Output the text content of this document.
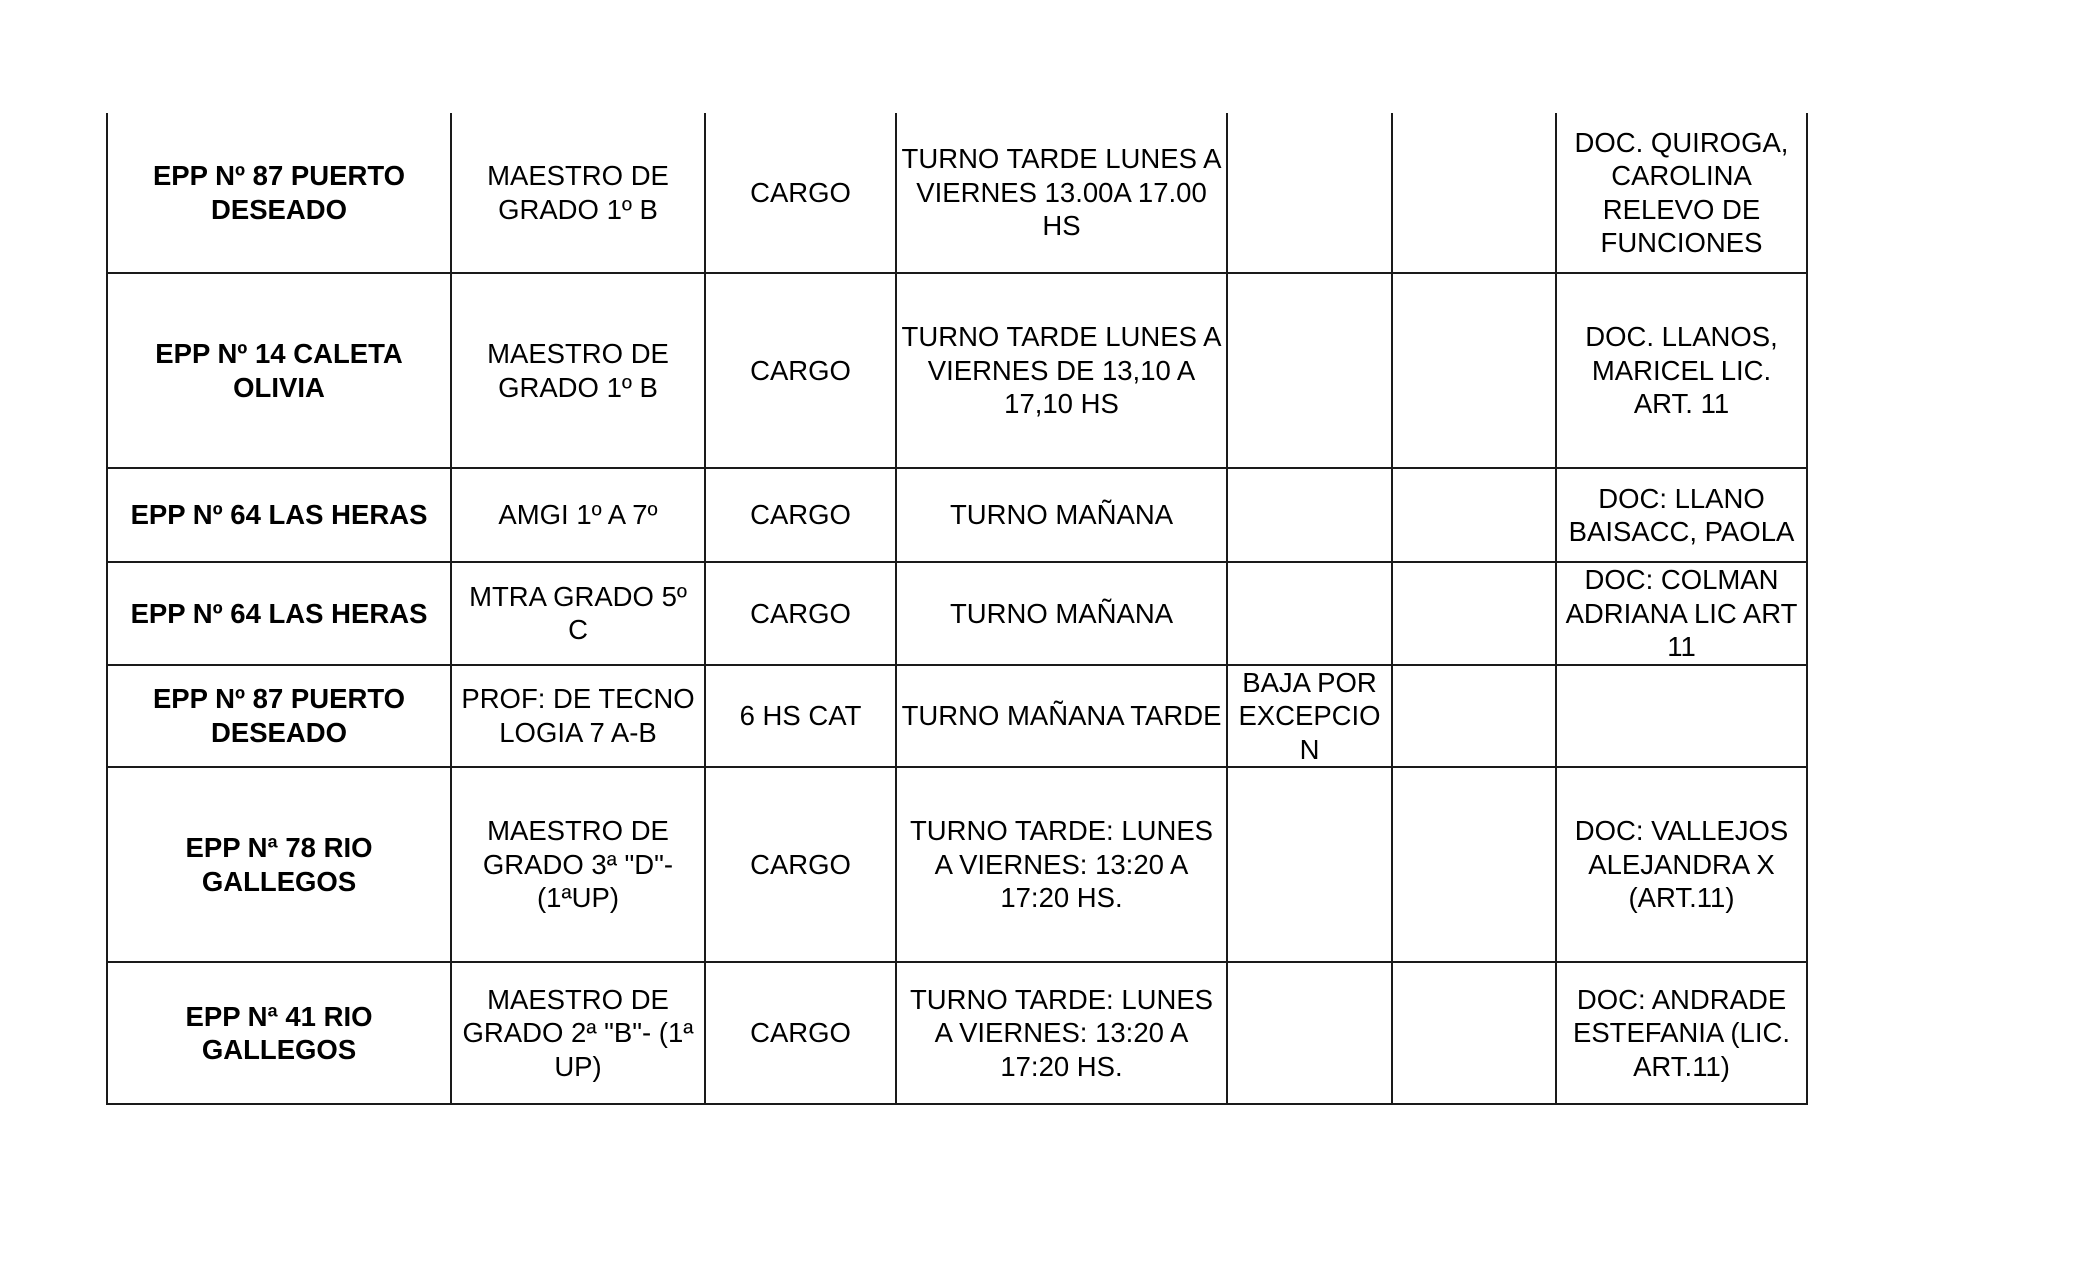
EPP Nº 87 PUERTO DESEADO	MAESTRO DE GRADO 1º B	CARGO	TURNO TARDE LUNES A VIERNES 13.00A 17.00 HS			DOC. QUIROGA, CAROLINA RELEVO DE FUNCIONES

EPP Nº 14 CALETA OLIVIA	MAESTRO DE GRADO 1º B	CARGO	TURNO TARDE LUNES A VIERNES DE 13,10 A 17,10 HS			DOC. LLANOS, MARICEL LIC. ART. 11

EPP Nº 64 LAS HERAS	AMGI 1º A 7º	CARGO	TURNO MAÑANA			DOC: LLANO BAISACC, PAOLA

EPP Nº 64 LAS HERAS	MTRA GRADO 5º C	CARGO	TURNO MAÑANA			DOC: COLMAN ADRIANA LIC ART 11

EPP Nº 87 PUERTO DESEADO	PROF: DE TECNOLOGIA 7 A-B	6 HS CAT	TURNO MAÑANA TARDE	BAJA POR EXCEPCION		

EPP Nª 78 RIO GALLEGOS	MAESTRO DE GRADO 3ª "D"- (1ªUP)	CARGO	TURNO TARDE: LUNES A VIERNES: 13:20 A 17:20 HS.			DOC: VALLEJOS ALEJANDRA X (ART.11)

EPP Nª 41 RIO GALLEGOS	MAESTRO DE GRADO 2ª "B"- (1ª UP)	CARGO	TURNO TARDE: LUNES A VIERNES: 13:20 A 17:20 HS.			DOC: ANDRADE ESTEFANIA (LIC. ART.11)
